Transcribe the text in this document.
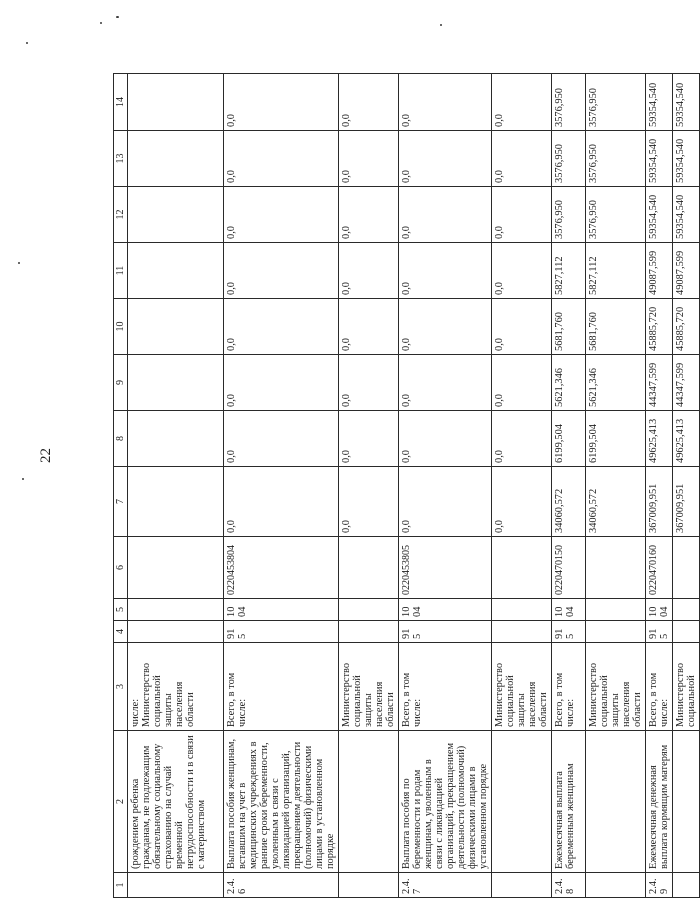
22
1	2	3	4	5	6	7	8	9	10	11	12	13	14
	(рождением ребенка гражданам, не подлежащим обязательному социальному страхованию на случай временной нетрудоспособности и в связи с материнством	числе: Министерство социальной защиты населения области											
2.4.6	Выплата пособия женщинам, вставшим на учет в медицинских учреждениях в ранние сроки беременности, уволенным в связи с ликвидацией организаций, прекращением деятельности (полномочий) физическими лицами в установленном порядке	Всего, в том числе:	915	1004	0220453804	0,0	0,0	0,0	0,0	0,0	0,0	0,0	0,0
		Министерство социальной защиты населения области				0,0	0,0	0,0	0,0	0,0	0,0	0,0	0,0
2.4.7	Выплата пособия по беременности и родам женщинам, уволенным в связи с ликвидацией организаций, прекращением деятельности (полномочий) физическими лицами в установленном порядке	Всего, в том числе:	915	1004	0220453805	0,0	0,0	0,0	0,0	0,0	0,0	0,0	0,0
		Министерство социальной защиты населения области				0,0	0,0	0,0	0,0	0,0	0,0	0,0	0,0
2.4.8	Ежемесячная выплата беременным женщинам	Всего, в том числе:	915	1004	0220470150	34060,572	6199,504	5621,346	5681,760	5827,112	3576,950	3576,950	3576,950
		Министерство социальной защиты населения области				34060,572	6199,504	5621,346	5681,760	5827,112	3576,950	3576,950	3576,950
2.4.9	Ежемесячная денежная выплата кормящим матерям	Всего, в том числе:	915	1004	0220470160	367009,951	49625,413	44347,599	45885,720	49087,599	59354,540	59354,540	59354,540
		Министерство социальной				367009,951	49625,413	44347,599	45885,720	49087,599	59354,540	59354,540	59354,540
